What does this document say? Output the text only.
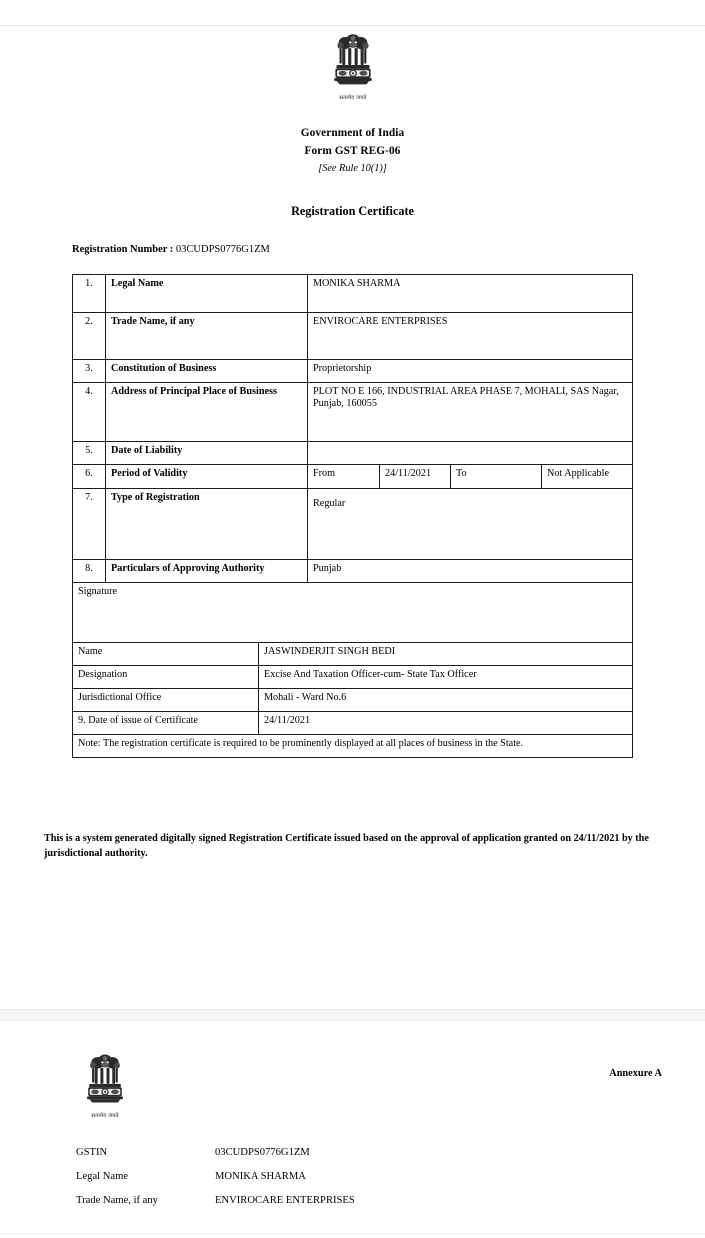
सत्यमेव जयते
Government of India
Form GST REG-06
[See Rule 10(1)]
Registration Certificate
Registration Number : 03CUDPS0776G1ZM
1.	Legal Name	MONIKA SHARMA			
2.	Trade Name, if any	ENVIROCARE ENTERPRISES			
3.	Constitution of Business	Proprietorship			
4.	Address of Principal Place of Business	PLOT NO E 166, INDUSTRIAL AREA PHASE 7, MOHALI, SAS Nagar, Punjab, 160055			
5.	Date of Liability				
6.	Period of Validity	From	24/11/2021	To	Not Applicable
7.	Type of Registration	Regular			

8.	Particulars of Approving Authority	Punjab			
Signature	
Name	JASWINDERJIT SINGH BEDI
Designation	Excise And Taxation Officer-cum- State Tax Officer
Jurisdictional Office	Mohali - Ward No.6
9. Date of issue of Certificate	24/11/2021
Note: The registration certificate is required to be prominently displayed at all places of business in the State.	
This is a system generated digitally signed Registration Certificate issued based on the approval of application granted on 24/11/2021 by the jurisdictional authority.
सत्यमेव जयते
Annexure A
GSTIN	03CUDPS0776G1ZM
Legal Name	MONIKA SHARMA
Trade Name, if any	ENVIROCARE ENTERPRISES
